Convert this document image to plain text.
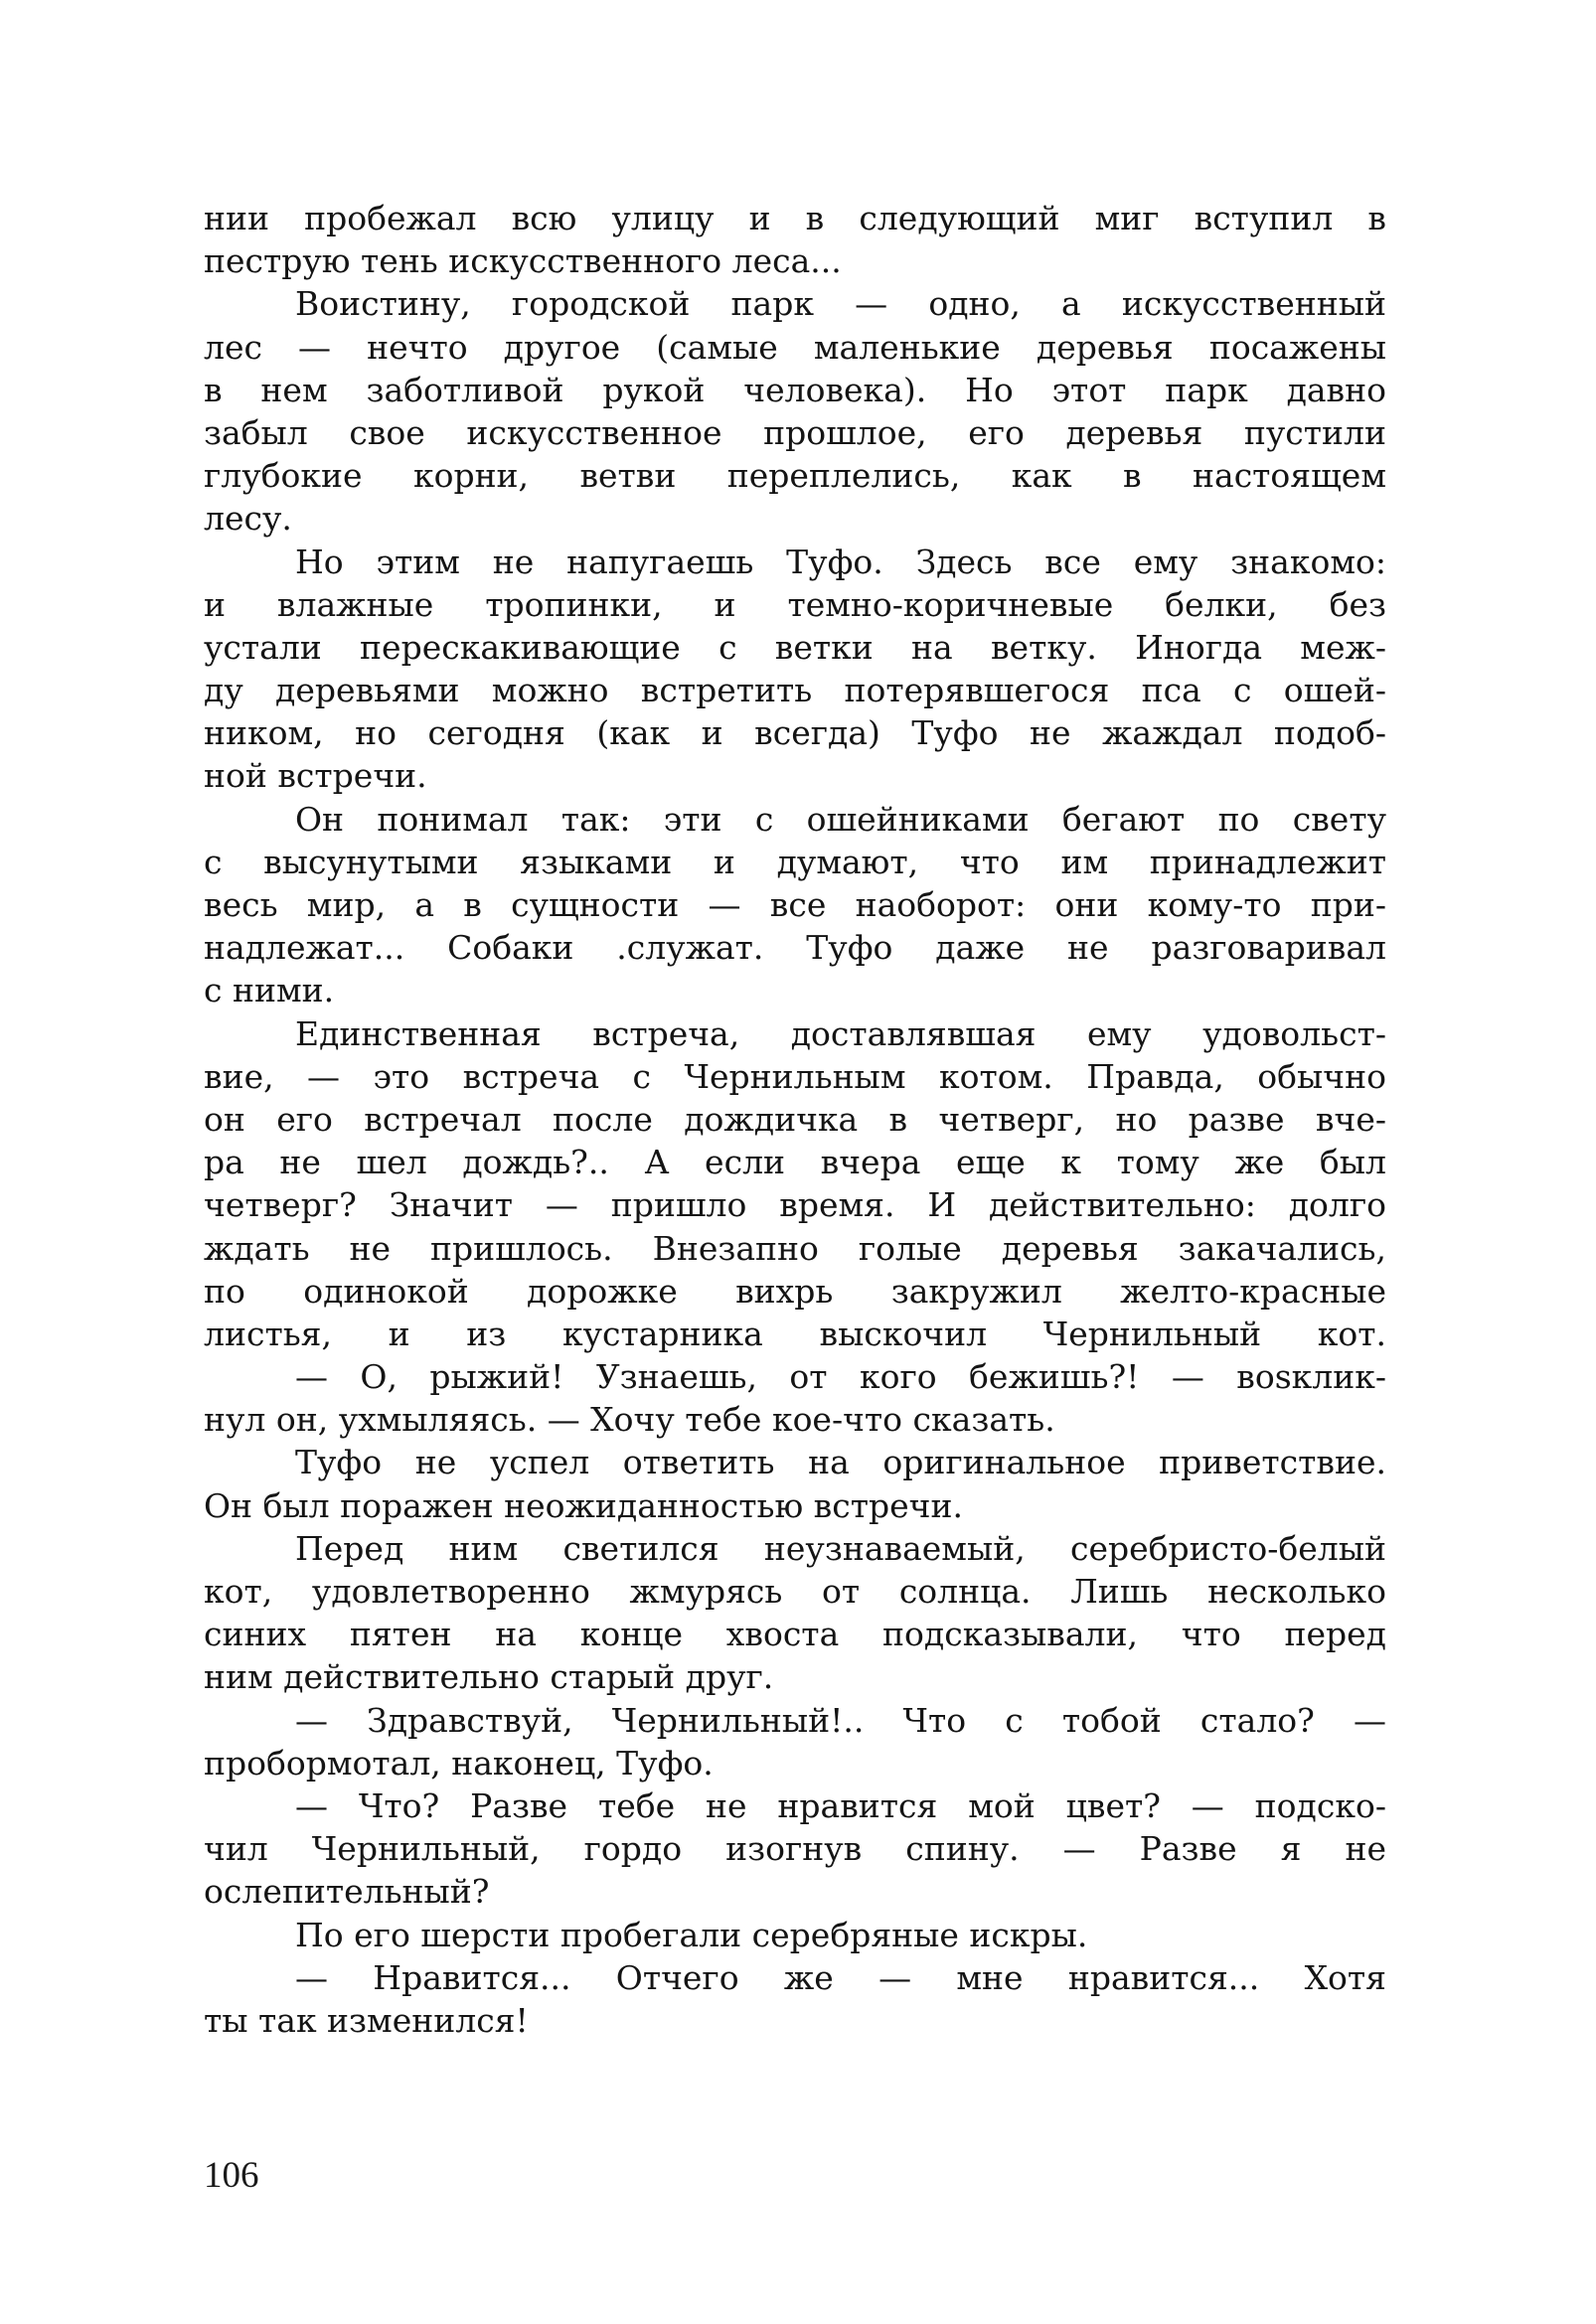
нии пробежал всю улицу и в следующий миг вступил в
пеструю тень искусственного леса...
Воистину, городской парк — одно, а искусственный
лес — нечто другое (самые маленькие деревья посажены
в нем заботливой рукой человека). Но этот парк давно
забыл свое искусственное прошлое, его деревья пустили
глубокие корни, ветви переплелись, как в настоящем
лесу.
Но этим не напугаешь Туфо. Здесь все ему знакомо:
и влажные тропинки, и темно-коричневые белки, без
устали перескакивающие с ветки на ветку. Иногда меж-
ду деревьями можно встретить потерявшегося пса с ошей-
ником, но сегодня (как и всегда) Туфо не жаждал подоб-
ной встречи.
Он понимал так: эти с ошейниками бегают по свету
с высунутыми языками и думают, что им принадлежит
весь мир, а в сущности — все наоборот: они кому-то при-
надлежат... Собаки .служат. Туфо даже не разговаривал
с ними.
Единственная встреча, доставлявшая ему удовольст-
вие, — это встреча с Чернильным котом. Правда, обычно
он его встречал после дождичка в четверг, но разве вче-
ра не шел дождь?.. А если вчера еще к тому же был
четверг? Значит — пришло время. И действительно: долго
ждать не пришлось. Внезапно голые деревья закачались,
по одинокой дорожке вихрь закружил желто-красные
листья, и из кустарника выскочил Чернильный кот.
— О, рыжий! Узнаешь, от кого бежишь?! — воsклик-
нул он, ухмыляясь. — Хочу тебе кое-что сказать.
Туфо не успел ответить на оригинальное приветствие.
Он был поражен неожиданностью встречи.
Перед ним светился неузнаваемый, серебристо-белый
кот, удовлетворенно жмурясь от солнца. Лишь несколько
синих пятен на конце хвоста подсказывали, что перед
ним действительно старый друг.
— Здравствуй, Чернильный!.. Что с тобой стало? —
пробормотал, наконец, Туфо.
— Что? Разве тебе не нравится мой цвет? — подско-
чил Чернильный, гордо изогнув спину. — Разве я не
ослепительный?
По его шерсти пробегали серебряные искры.
— Нравится... Отчего же — мне нравится... Хотя
ты так изменился!
106
